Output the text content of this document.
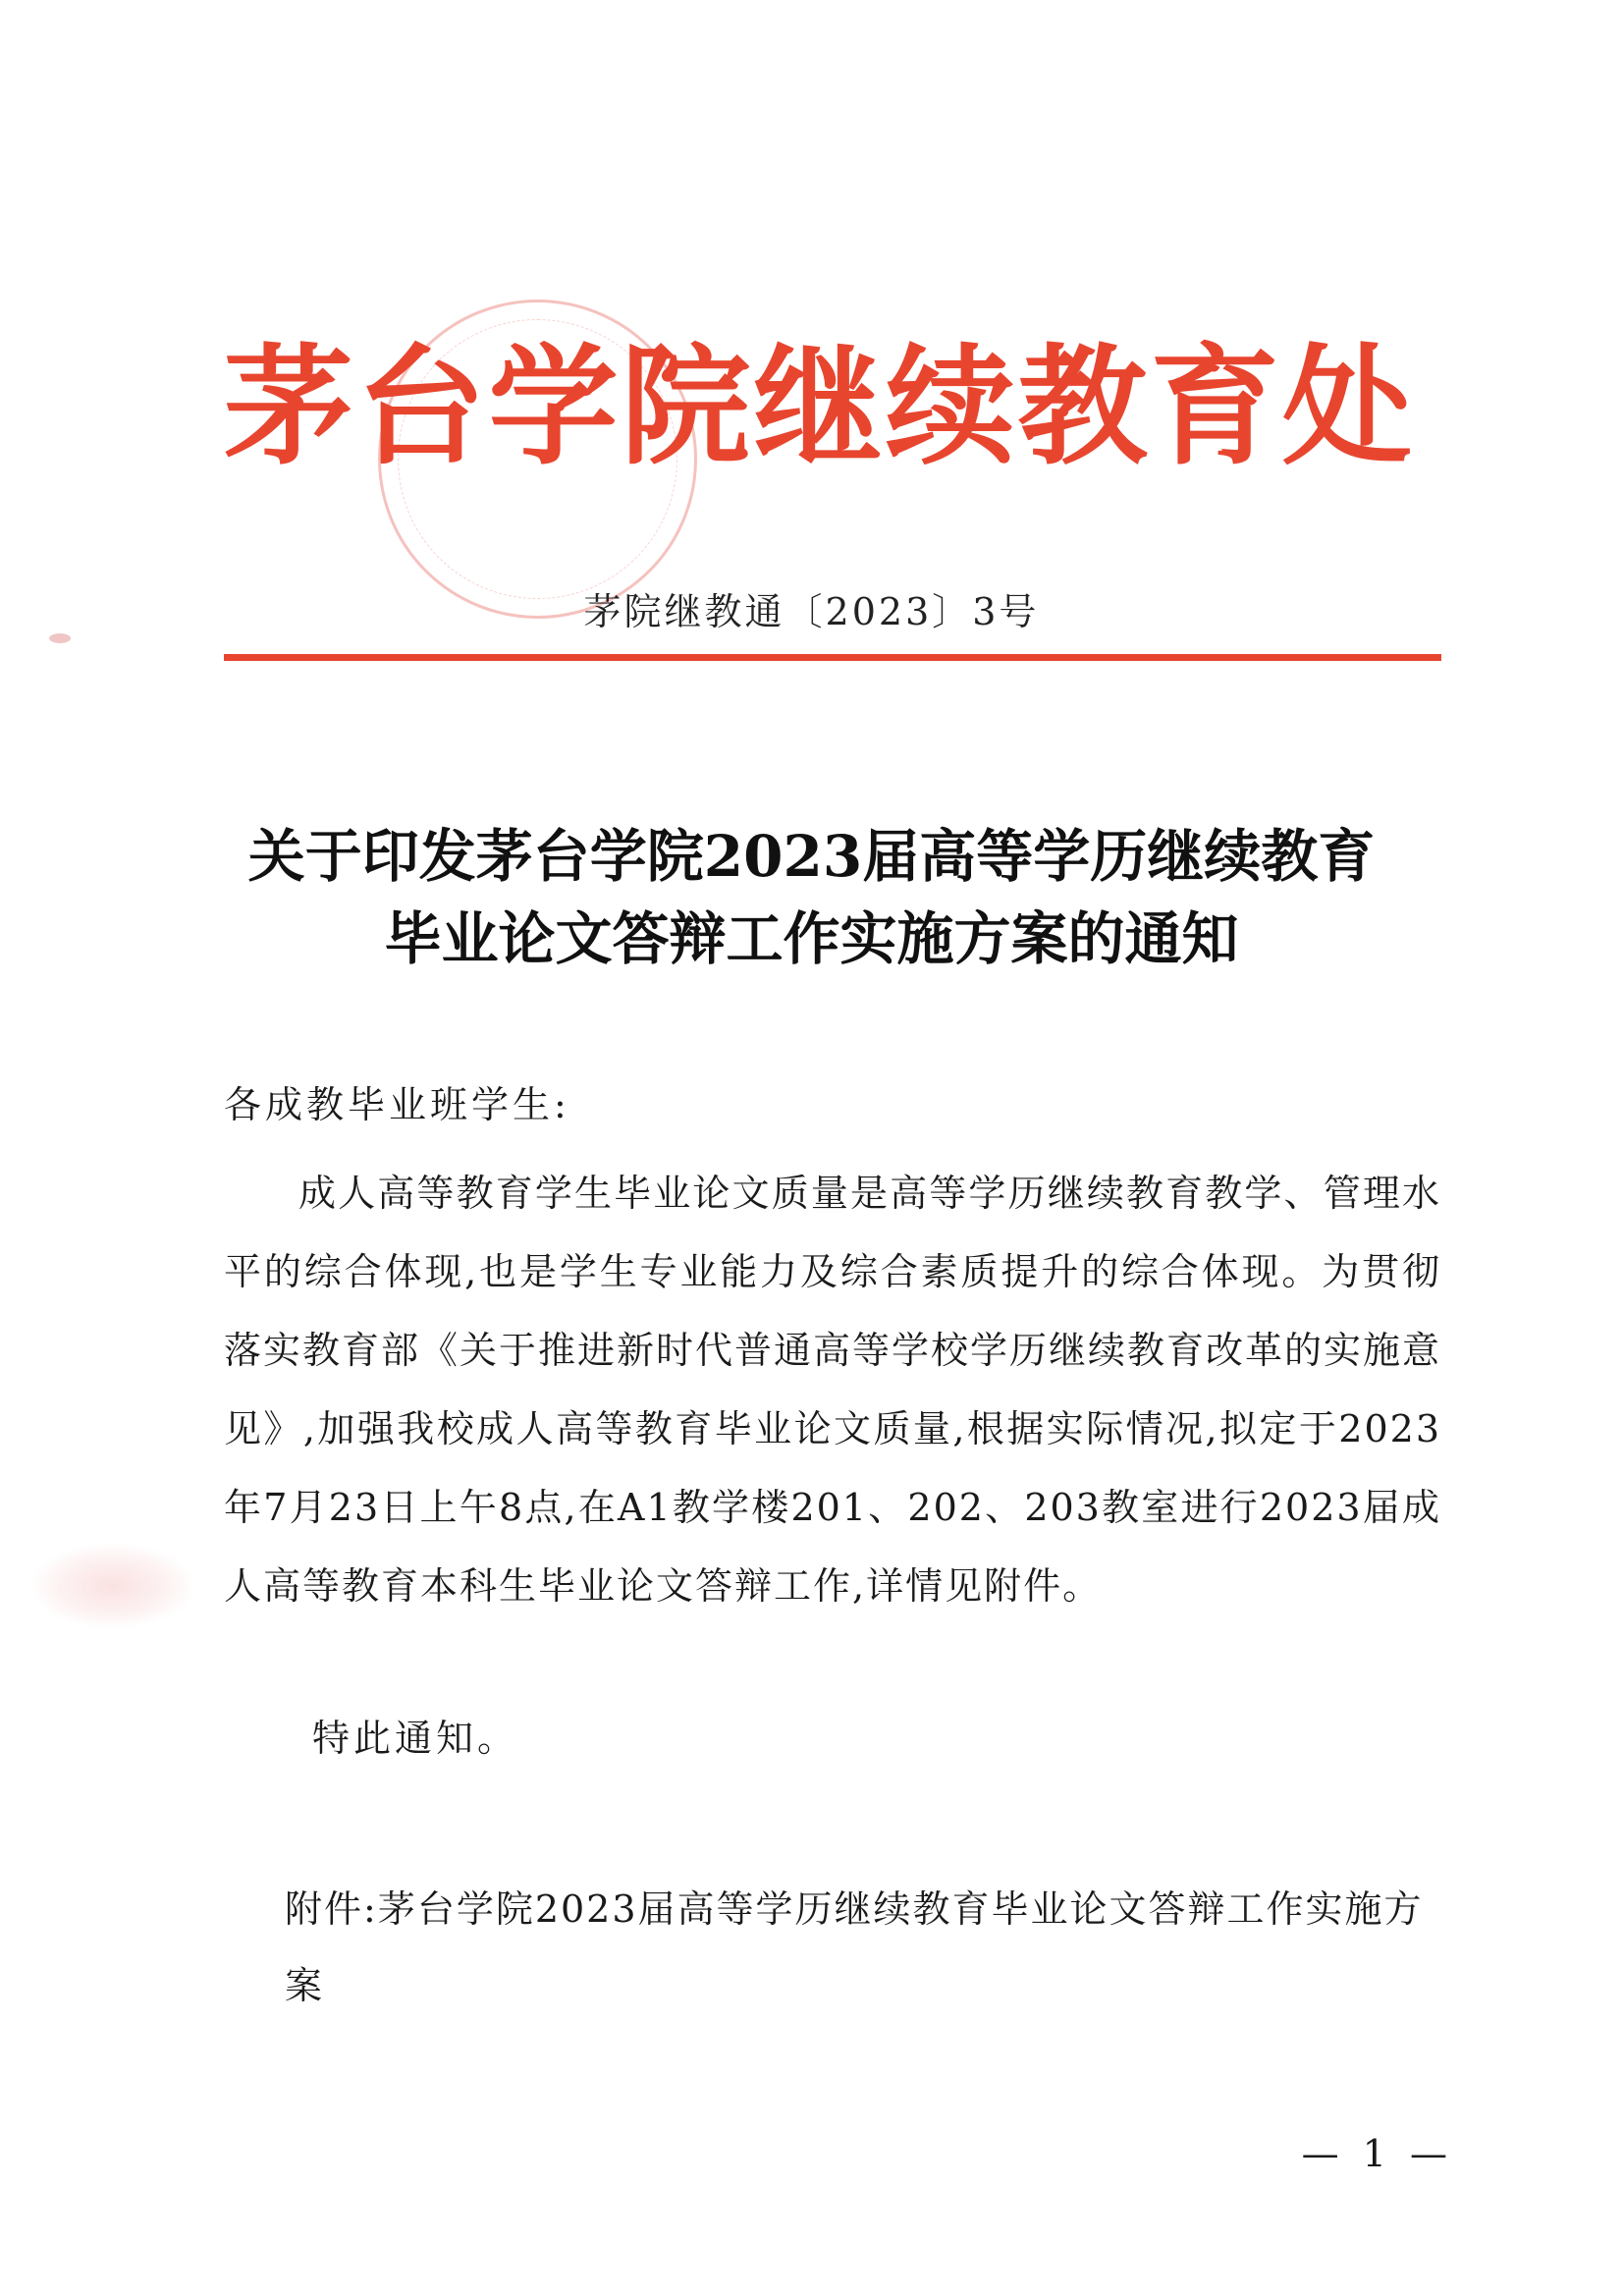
茅 台 学 院 继 续 教 育 处
茅院继教通〔2023〕3号
关于印发茅台学院2023届高等学历继续教育
毕业论文答辩工作实施方案的通知
各成教毕业班学生:
成人高等教育学生毕业论文质量是高等学历继续教育教学、管理水平的综合体现,也是学生专业能力及综合素质提升的综合体现。为贯彻落实教育部《关于推进新时代普通高等学校学历继续教育改革的实施意见》,加强我校成人高等教育毕业论文质量,根据实际情况,拟定于2023年7月23日上午8点,在A1教学楼201、202、203教室进行2023届成人高等教育本科生毕业论文答辩工作,详情见附件。
特此通知。
附件:茅台学院2023届高等学历继续教育毕业论文答辩工作实施方案
— 1 —
